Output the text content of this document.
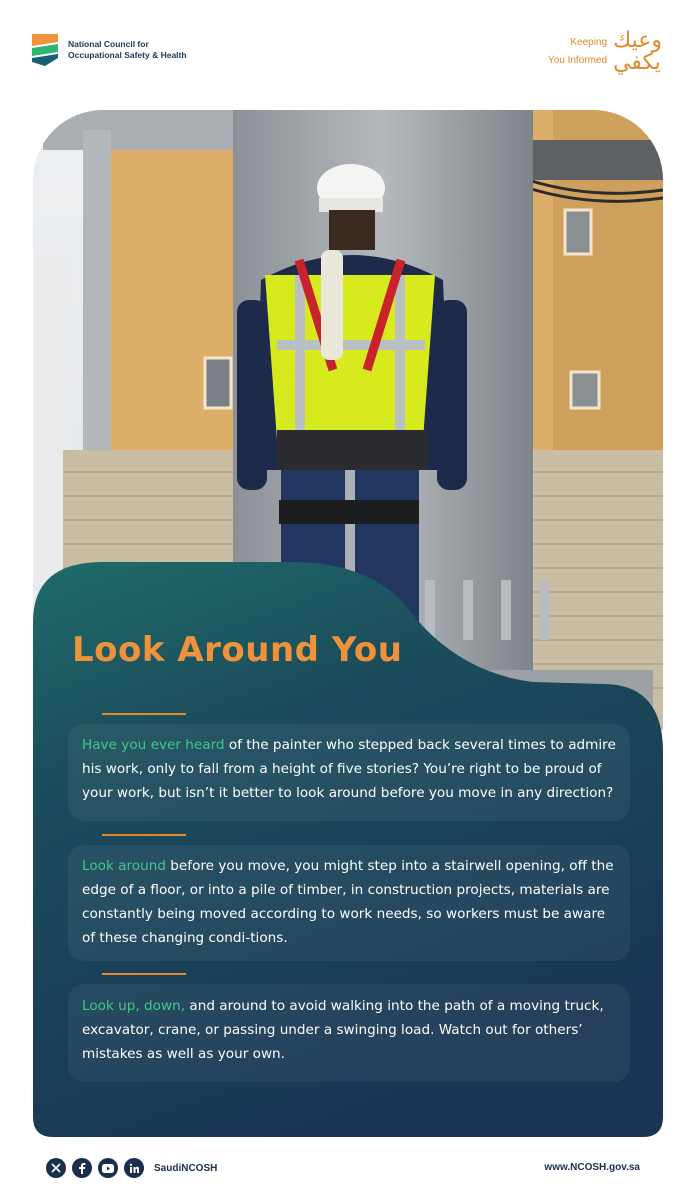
National Council for
Occupational Safety & Health
Keeping
You Informed
وعيك
يكفي
Look Around You

Have you ever heard of the painter who stepped back several times to admire his work, only to fall from a height of five stories? You’re right to be proud of your work, but isn’t it better to look around before you move in any direction?

Look around before you move, you might step into a stairwell opening, off the edge of a floor, or into a pile of timber, in construction projects, materials are constantly being moved according to work needs, so workers must be aware of these changing condi-tions.

Look up, down, and around to avoid walking into the path of a moving truck, excavator, crane, or passing under a swinging load. Watch out for others’ mistakes as well as your own.

SaudiNCOSH	www.NCOSH.gov.sa
